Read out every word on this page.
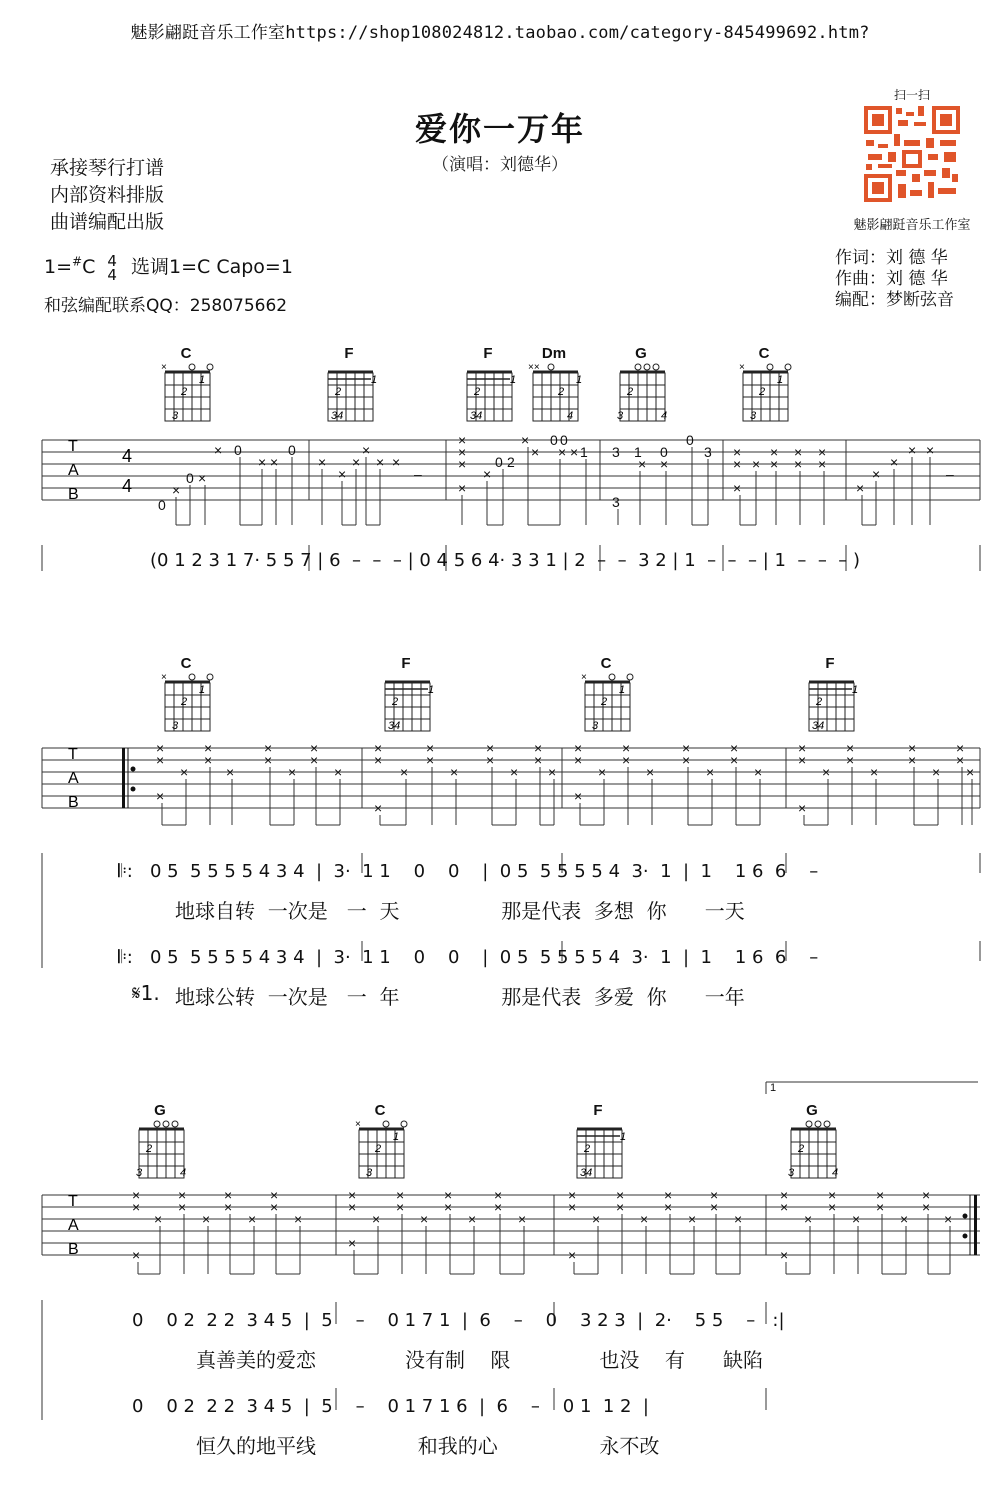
魅影翩跹音乐工作室https://shop108024812.taobao.com/category-845499692.htm?
爱你一万年
（演唱：刘德华）
承接琴行打谱
内部资料排版
曲谱编配出版
1=#C 4
4 选调1=C Capo=1
和弦编配联系QQ：258075662
作词：刘 德 华
作曲：刘 德 华
编配：梦断弦音
扫一扫
魅影翩跹音乐工作室
C
×
1
2
3
F
1
2
34
F
1
2
34
Dm
××
1
2
4
G
2
3	4
C
×
1
2
3
T
A
B
4
4
0
×
0 ×
× 0
× ×
0
×
×
×
×
× ×
–
×
×
×
×
×
0 2
×
×
0 0
× × 1 3
3
1
×
0
×
0
3 ×
×
×
×
×
×
×
×
×
×
×
×
×
× ×
–
(0 1 2 3 1 7· 5 5 7 | 6  –  –  – | 0 4 5 6 4· 3 3 1 | 2  –  –  3 2 | 1  –  –  – | 1  –  –  – )
C
×
1
2
3
F
1
2
34
C
×
1
2
3
F
1
2
34
T
A
B
×
×
×
×
×
×
×
×
×
×
×
×
×
×
×
×
×
×
×
×
×
×
×
×
×
×
×
×
×
×
×
×
×
×
×
×
×
×
×
×
×
×
×
×
×
×
×
×
×
×
×
×
𝄆:   0 5  5 5 5 5 4 3 4  |  3·  1 1    0    0    |  0 5  5 5 5 5 4  3·  1  |  1    1 6  6    –
地球自转  一次是   一  天                那是代表  多想  你      一天
𝄆:   0 5  5 5 5 5 4 3 4  |  3·  1 1    0    0    |  0 5  5 5 5 5 4  3·  1  |  1    1 6  6    –
𝄋1. 地球公转  一次是   一  年                那是代表  多爱  你      一年
1
G
2
3	4
C
×
1
2
3
F
1
2
34
G
2
3	4
T
A
B
×
×
×
×
×
×
×
×
×
×
×
×
×
×
×
×
×
×
×
×
×
×
×
×
×
×
×
×
×
×
×
×
×
×
×
×
×
×
×
×
×
×
×
×
×
×
×
×
×
×
×
×
0    0 2  2 2  3 4 5  |  5    –    0 1 7 1  |  6    –    0    3 2 3  |  2·    5 5    –   :|
真善美的爱恋              没有制    限              也没    有      缺陷
0    0 2  2 2  3 4 5  |  5    –    0 1 7 1 6  |  6    –    0 1  1 2  |
恒久的地平线                和我的心                永不改
